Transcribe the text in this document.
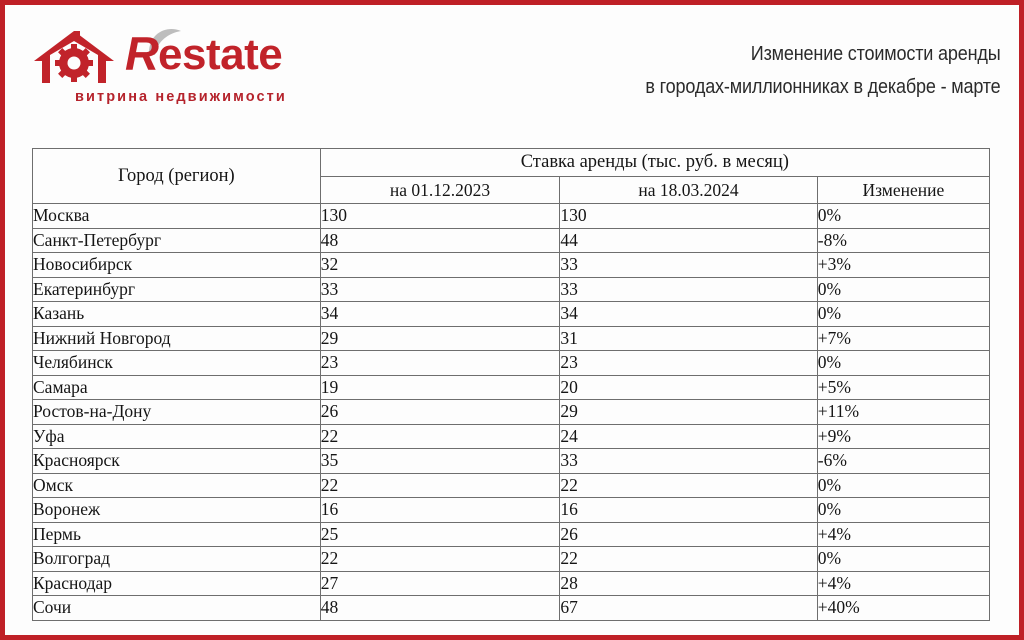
R estate
витрина недвижимости
Изменение стоимости аренды
в городах-миллионниках в декабре - марте
Город (регион)	Ставка аренды (тыс. руб. в месяц)		
	на 01.12.2023	на 18.03.2024	Изменение
Москва	130	130	0%
Санкт-Петербург	48	44	-8%
Новосибирск	32	33	+3%
Екатеринбург	33	33	0%
Казань	34	34	0%
Нижний Новгород	29	31	+7%
Челябинск	23	23	0%
Самара	19	20	+5%
Ростов-на-Дону	26	29	+11%
Уфа	22	24	+9%
Красноярск	35	33	-6%
Омск	22	22	0%
Воронеж	16	16	0%
Пермь	25	26	+4%
Волгоград	22	22	0%
Краснодар	27	28	+4%
Сочи	48	67	+40%
